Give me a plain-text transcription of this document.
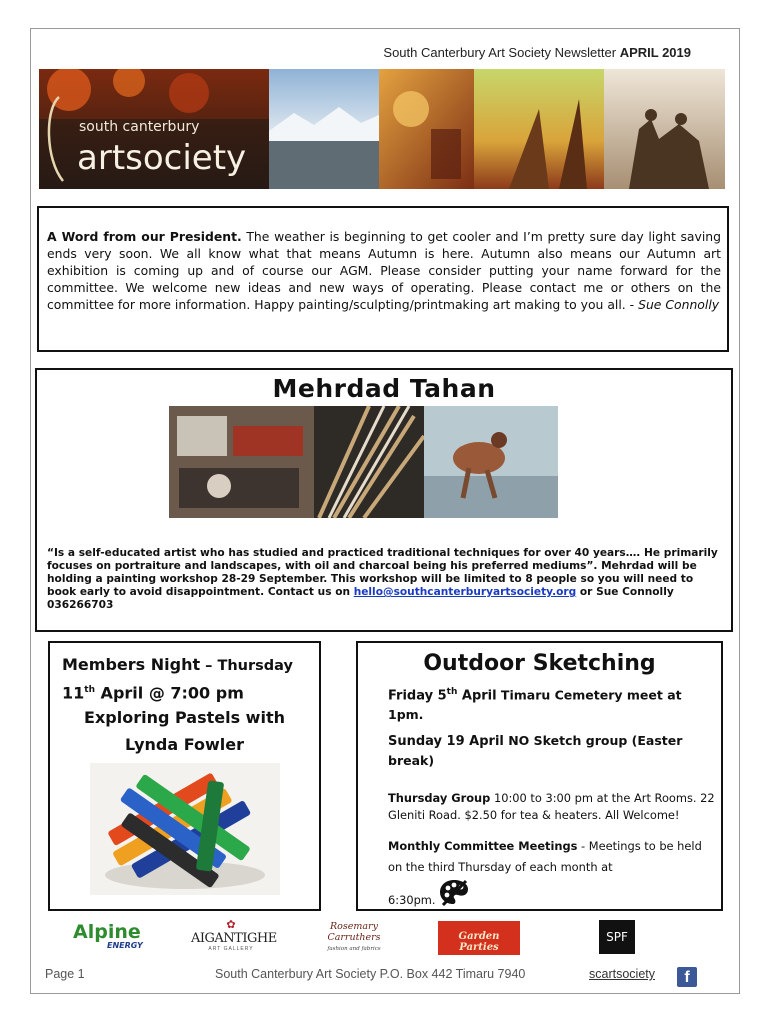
South Canterbury Art Society Newsletter APRIL 2019
south canterbury
artsociety
A Word from our President. The weather is beginning to get cooler and I’m pretty sure day light saving ends very soon. We all know what that means Autumn is here. Autumn also means our Autumn art exhibition is coming up and of course our AGM. Please consider putting your name forward for the committee. We welcome new ideas and new ways of operating. Please contact me or others on the committee for more information. Happy painting/sculpting/printmaking art making to you all. - Sue Connolly
Mehrdad Tahan
“Is a self-educated artist who has studied and practiced traditional techniques for over 40 years…. He primarily focuses on portraiture and landscapes, with oil and charcoal being his preferred mediums”. Mehrdad will be holding a painting workshop 28-29 September. This workshop will be limited to 8 people so you will need to book early to avoid disappointment. Contact us on hello@southcanterburyartsociety.org or Sue Connolly 036266703
Members Night – Thursday
11th April @ 7:00 pm
Exploring Pastels with
Lynda Fowler
Outdoor Sketching
Friday 5th April Timaru Cemetery meet at 1pm.
Sunday 19 April NO Sketch group (Easter break)
Thursday Group 10:00 to 3:00 pm at the Art Rooms. 22 Gleniti Road. $2.50 for tea & heaters. All Welcome!
Monthly Committee Meetings - Meetings to be held on the third Thursday of each month at
6:30pm.
Alpine
ENERGY
✿
AIGANTIGHE
ART GALLERY
Rosemary Carruthers
fashion and fabrics
Garden Parties
SPF
Page 1	South Canterbury Art Society P.O. Box 442 Timaru 7940	scartsociety	f
